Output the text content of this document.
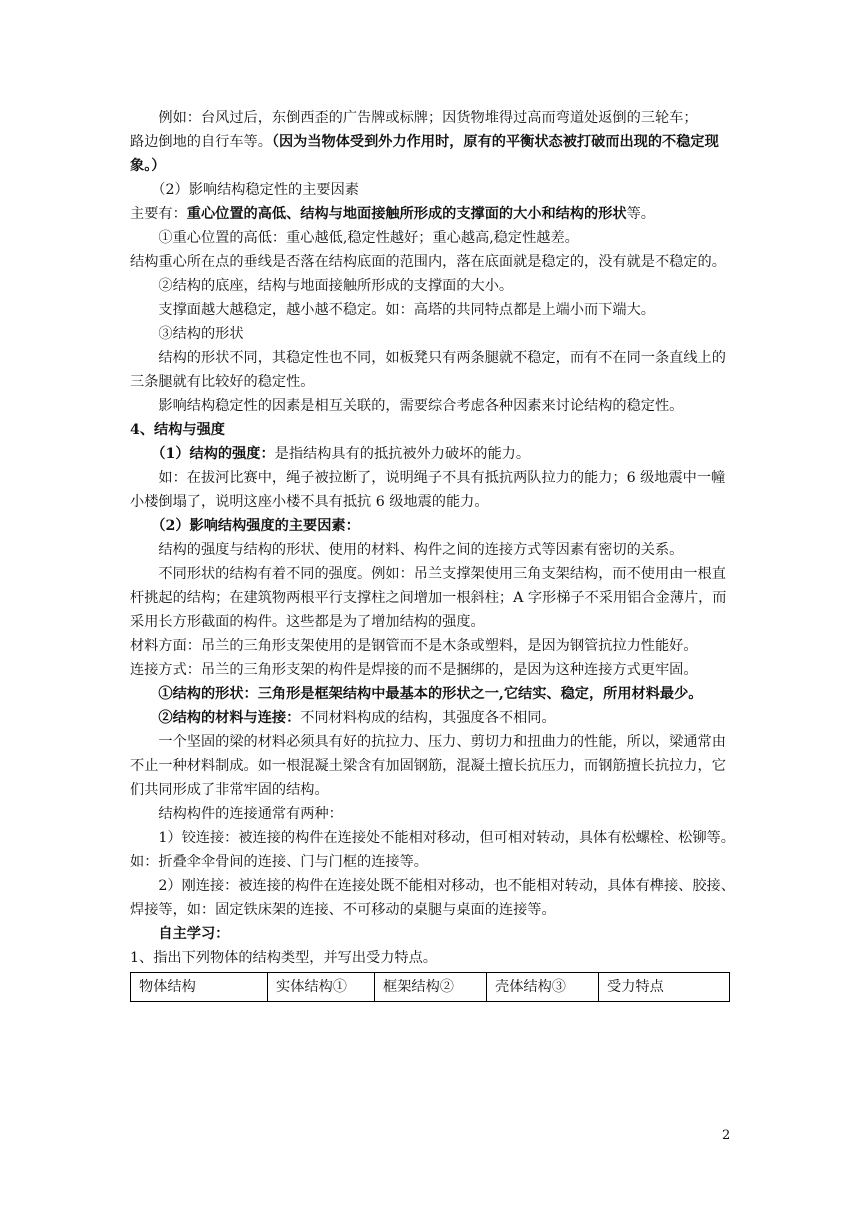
例如：台风过后，东倒西歪的广告牌或标牌；因货物堆得过高而弯道处返倒的三轮车；

路边倒地的自行车等。（因为当物体受到外力作用时，原有的平衡状态被打破而出现的不稳定现象。）

（2）影响结构稳定性的主要因素

主要有：重心位置的高低、结构与地面接触所形成的支撑面的大小和结构的形状等。

①重心位置的高低：重心越低,稳定性越好；重心越高,稳定性越差。

结构重心所在点的垂线是否落在结构底面的范围内，落在底面就是稳定的，没有就是不稳定的。

②结构的底座，结构与地面接触所形成的支撑面的大小。

支撑面越大越稳定，越小越不稳定。如：高塔的共同特点都是上端小而下端大。

③结构的形状

结构的形状不同，其稳定性也不同，如板凳只有两条腿就不稳定，而有不在同一条直线上的三条腿就有比较好的稳定性。

影响结构稳定性的因素是相互关联的，需要综合考虑各种因素来讨论结构的稳定性。

4、结构与强度

（1）结构的强度：是指结构具有的抵抗被外力破坏的能力。

如：在拔河比赛中，绳子被拉断了，说明绳子不具有抵抗两队拉力的能力；6 级地震中一幢小楼倒塌了，说明这座小楼不具有抵抗 6 级地震的能力。

（2）影响结构强度的主要因素：

结构的强度与结构的形状、使用的材料、构件之间的连接方式等因素有密切的关系。

不同形状的结构有着不同的强度。例如：吊兰支撑架使用三角支架结构，而不使用由一根直杆挑起的结构；在建筑物两根平行支撑柱之间增加一根斜柱；A 字形梯子不采用铝合金薄片，而采用长方形截面的构件。这些都是为了增加结构的强度。

材料方面：吊兰的三角形支架使用的是钢管而不是木条或塑料，是因为钢管抗拉力性能好。

连接方式：吊兰的三角形支架的构件是焊接的而不是捆绑的，是因为这种连接方式更牢固。

①结构的形状：三角形是框架结构中最基本的形状之一,它结实、稳定，所用材料最少。

②结构的材料与连接：不同材料构成的结构，其强度各不相同。

一个坚固的梁的材料必须具有好的抗拉力、压力、剪切力和扭曲力的性能，所以，梁通常由不止一种材料制成。如一根混凝土梁含有加固钢筋，混凝土擅长抗压力，而钢筋擅长抗拉力，它们共同形成了非常牢固的结构。

结构构件的连接通常有两种：

1）铰连接：被连接的构件在连接处不能相对移动，但可相对转动，具体有松螺栓、松铆等。如：折叠伞伞骨间的连接、门与门框的连接等。

2）刚连接：被连接的构件在连接处既不能相对移动，也不能相对转动，具体有榫接、胶接、焊接等，如：固定铁床架的连接、不可移动的桌腿与桌面的连接等。

自主学习：

1、指出下列物体的结构类型，并写出受力特点。

物体结构	实体结构①	框架结构②	壳体结构③	受力特点
2
